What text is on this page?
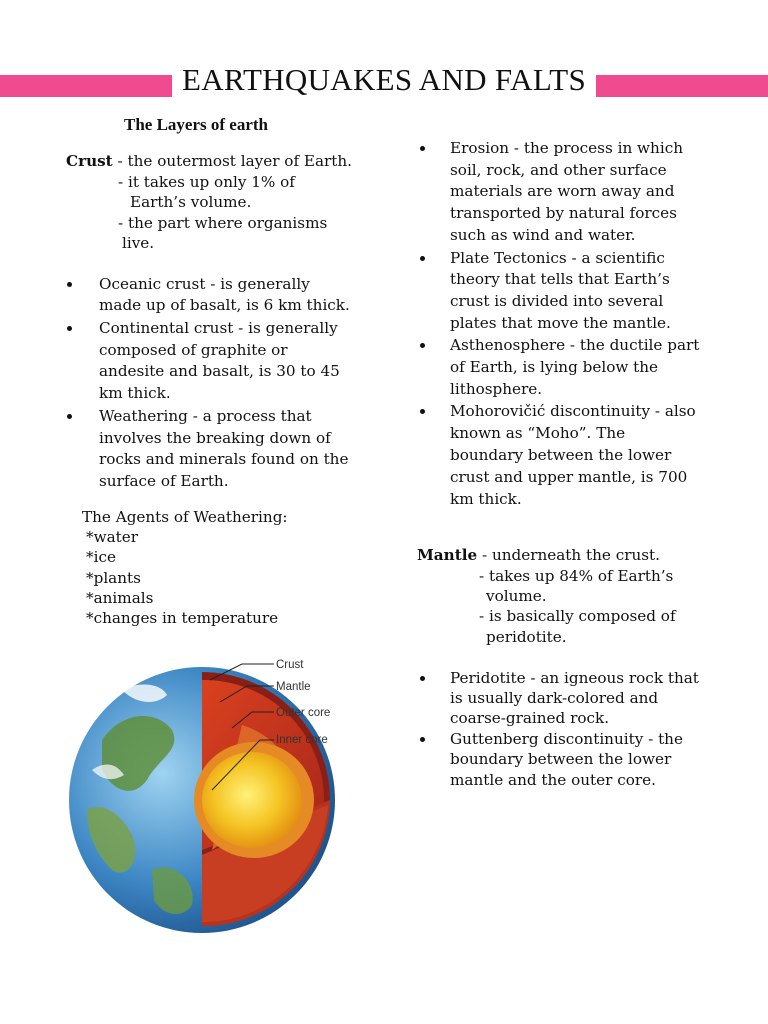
EARTHQUAKES AND FALTS
The Layers of earth
Crust - the outermost layer of Earth.
- it takes up only 1% of
Earth’s volume.
- the part where organisms
live.
Oceanic crust - is generally
made up of basalt, is 6 km thick.
Continental crust - is generally
composed of graphite or
andesite and basalt, is 30 to 45
km thick.
Weathering - a process that
involves the breaking down of
rocks and minerals found on the
surface of Earth.
The Agents of Weathering:
*water
*ice
*plants
*animals
*changes in temperature
Crust
Mantle
Outer core
Inner core
Erosion - the process in which
soil, rock, and other surface
materials are worn away and
transported by natural forces
such as wind and water.
Plate Tectonics - a scientific
theory that tells that Earth’s
crust is divided into several
plates that move the mantle.
Asthenosphere - the ductile part
of Earth, is lying below the
lithosphere.
Mohorovičić discontinuity - also
known as “Moho”. The
boundary between the lower
crust and upper mantle, is 700
km thick.
Mantle - underneath the crust.
- takes up 84% of Earth’s
volume.
- is basically composed of
peridotite.
Peridotite - an igneous rock that
is usually dark-colored and
coarse-grained rock.
Guttenberg discontinuity - the
boundary between the lower
mantle and the outer core.
